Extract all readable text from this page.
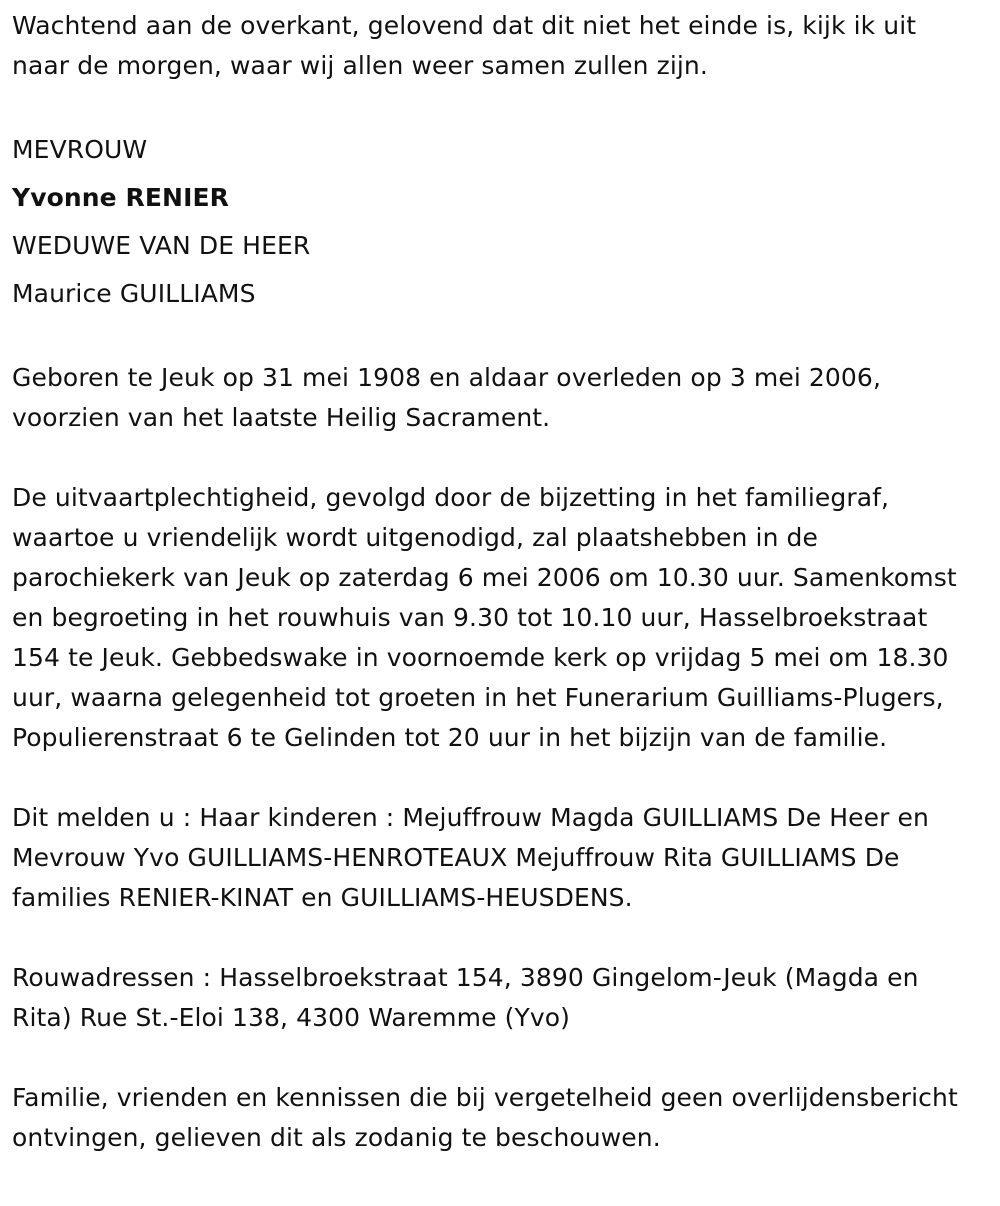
Wachtend aan de overkant, gelovend dat dit niet het einde is, kijk ik uit naar de morgen, waar wij allen weer samen zullen zijn.

MEVROUW

Yvonne RENIER

WEDUWE VAN DE HEER

Maurice GUILLIAMS

Geboren te Jeuk op 31 mei 1908 en aldaar overleden op 3 mei 2006, voorzien van het laatste Heilig Sacrament.

De uitvaartplechtigheid, gevolgd door de bijzetting in het familiegraf, waartoe u vriendelijk wordt uitgenodigd, zal plaatshebben in de parochiekerk van Jeuk op zaterdag 6 mei 2006 om 10.30 uur. Samenkomst en begroeting in het rouwhuis van 9.30 tot 10.10 uur, Hasselbroekstraat 154 te Jeuk. Gebbedswake in voornoemde kerk op vrijdag 5 mei om 18.30 uur, waarna gelegenheid tot groeten in het Funerarium Guilliams-Plugers, Populierenstraat 6 te Gelinden tot 20 uur in het bijzijn van de familie.

Dit melden u : Haar kinderen : Mejuffrouw Magda GUILLIAMS De Heer en Mevrouw Yvo GUILLIAMS-HENROTEAUX Mejuffrouw Rita GUILLIAMS De families RENIER-KINAT en GUILLIAMS-HEUSDENS.

Rouwadressen : Hasselbroekstraat 154, 3890 Gingelom-Jeuk (Magda en Rita) Rue St.-Eloi 138, 4300 Waremme (Yvo)

Familie, vrienden en kennissen die bij vergetelheid geen overlijdensbericht ontvingen, gelieven dit als zodanig te beschouwen.
